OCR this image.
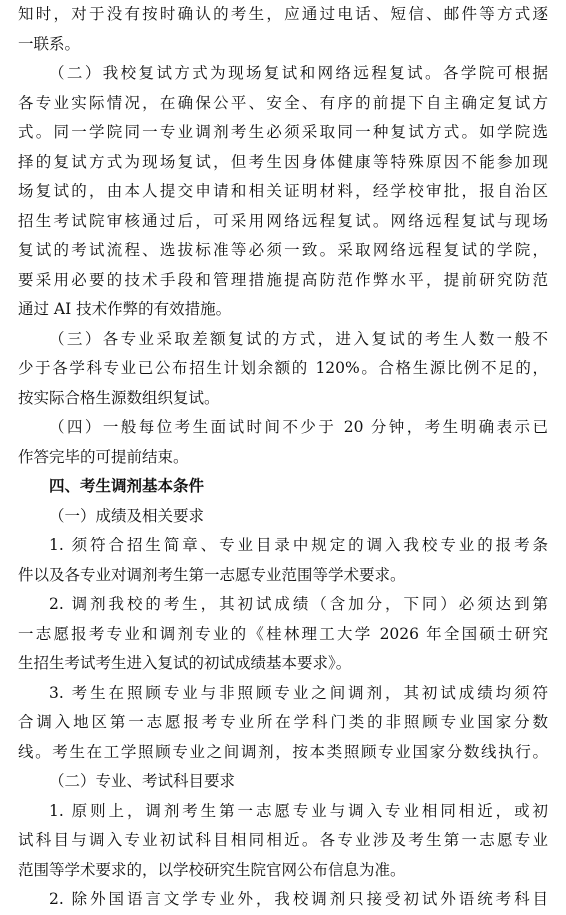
知时，对于没有按时确认的考生，应通过电话、短信、邮件等方式逐
一联系。
（二）我校复试方式为现场复试和网络远程复试。各学院可根据
各专业实际情况，在确保公平、安全、有序的前提下自主确定复试方
式。同一学院同一专业调剂考生必须采取同一种复试方式。如学院选
择的复试方式为现场复试，但考生因身体健康等特殊原因不能参加现
场复试的，由本人提交申请和相关证明材料，经学校审批，报自治区
招生考试院审核通过后，可采用网络远程复试。网络远程复试与现场
复试的考试流程、选拔标准等必须一致。采取网络远程复试的学院，
要采用必要的技术手段和管理措施提高防范作弊水平，提前研究防范
通过 AI 技术作弊的有效措施。
（三）各专业采取差额复试的方式，进入复试的考生人数一般不
少于各学科专业已公布招生计划余额的 120%。合格生源比例不足的，
按实际合格生源数组织复试。
（四）一般每位考生面试时间不少于 20 分钟，考生明确表示已
作答完毕的可提前结束。
四、考生调剂基本条件
（一）成绩及相关要求
1. 须符合招生简章、专业目录中规定的调入我校专业的报考条
件以及各专业对调剂考生第一志愿专业范围等学术要求。
2. 调剂我校的考生，其初试成绩（含加分，下同）必须达到第
一志愿报考专业和调剂专业的《桂林理工大学 2026 年全国硕士研究
生招生考试考生进入复试的初试成绩基本要求》。
3. 考生在照顾专业与非照顾专业之间调剂，其初试成绩均须符
合调入地区第一志愿报考专业所在学科门类的非照顾专业国家分数
线。考生在工学照顾专业之间调剂，按本类照顾专业国家分数线执行。
（二）专业、考试科目要求
1. 原则上，调剂考生第一志愿专业与调入专业相同相近，或初
试科目与调入专业初试科目相同相近。各专业涉及考生第一志愿专业
范围等学术要求的，以学校研究生院官网公布信息为准。
2. 除外国语言文学专业外，我校调剂只接受初试外语统考科目
